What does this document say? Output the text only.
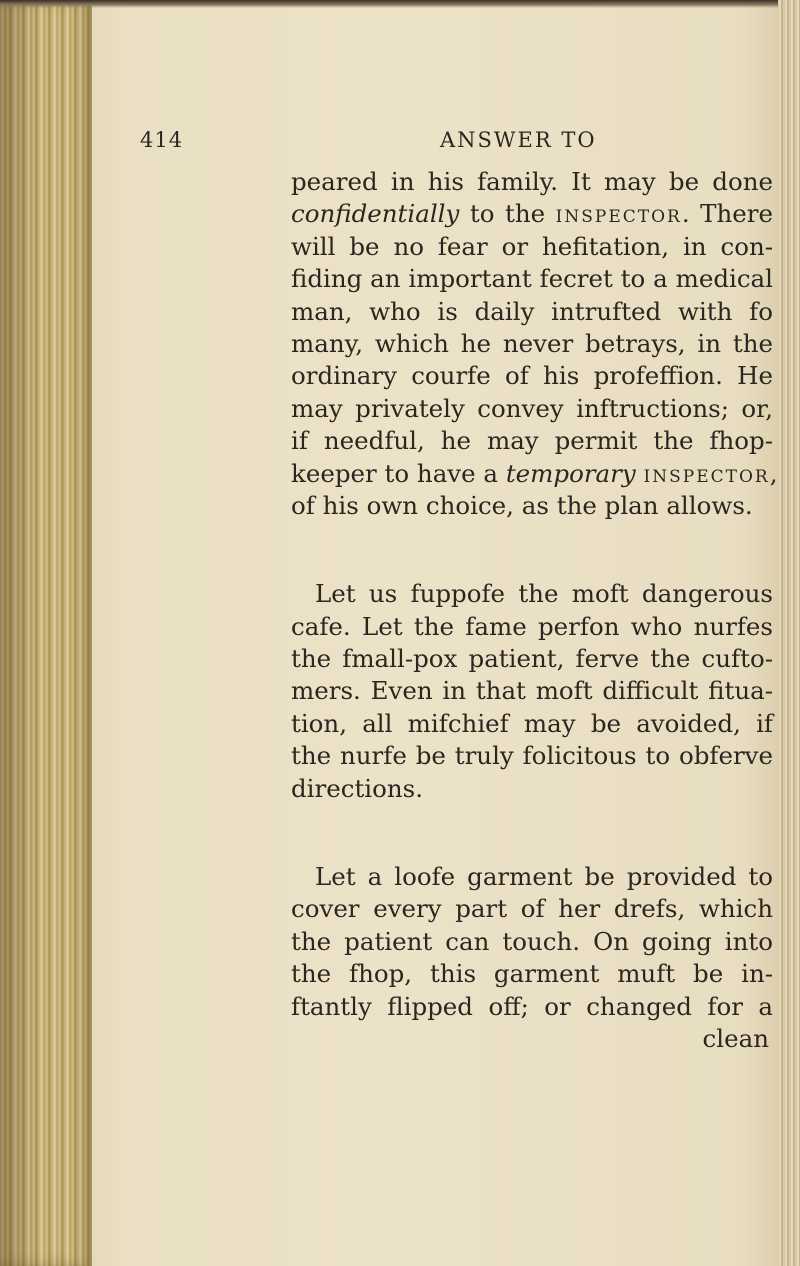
414	ANSWER TO
peared in his family. It may be done
confidentially to the INSPECTOR. There
will be no fear or hefitation, in con-
fiding an important fecret to a medical
man, who is daily intrufted with fo
many, which he never betrays, in the
ordinary courfe of his profeffion. He
may privately convey inftructions; or,
if needful, he may permit the fhop-
keeper to have a temporary INSPECTOR,
of his own choice, as the plan allows.
Let us fuppofe the moft dangerous
cafe. Let the fame perfon who nurfes
the fmall-pox patient, ferve the cufto-
mers. Even in that moft difficult fitua-
tion, all mifchief may be avoided, if
the nurfe be truly folicitous to obferve
directions.
Let a loofe garment be provided to
cover every part of her drefs, which
the patient can touch. On going into
the fhop, this garment muft be in-
ftantly flipped off; or changed for a
clean
